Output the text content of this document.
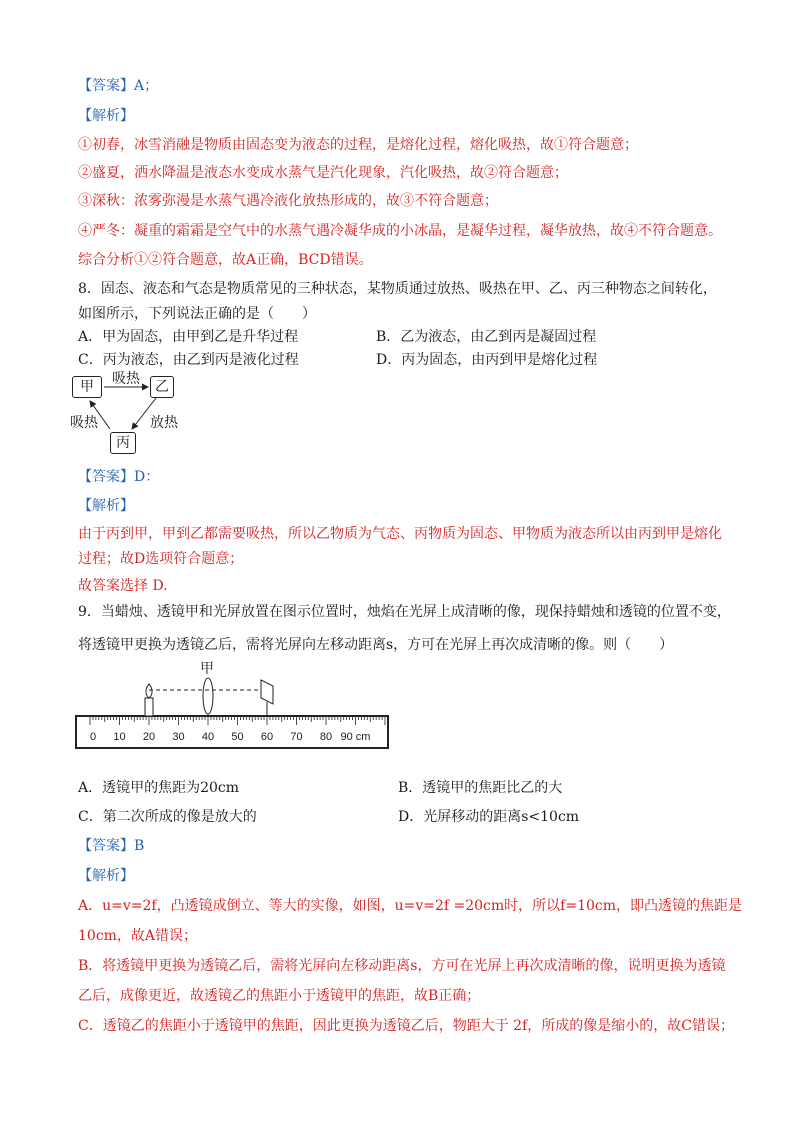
【答案】A；
【解析】
①初春，冰雪消融是物质由固态变为液态的过程，是熔化过程，熔化吸热，故①符合题意；
②盛夏，洒水降温是液态水变成水蒸气是汽化现象，汽化吸热，故②符合题意；
③深秋：浓雾弥漫是水蒸气遇冷液化放热形成的，故③不符合题意；
④严冬：凝重的霜霜是空气中的水蒸气遇冷凝华成的小冰晶，是凝华过程，凝华放热，故④不符合题意。
综合分析①②符合题意，故A正确，BCD错误。
8．固态、液态和气态是物质常见的三种状态，某物质通过放热、吸热在甲、乙、丙三种物态之间转化，
如图所示，下列说法正确的是（　　）
A．甲为固态，由甲到乙是升华过程	B．乙为液态，由乙到丙是凝固过程
C．丙为液态，由乙到丙是液化过程	D．丙为固态，由丙到甲是熔化过程
甲	乙
丙
吸热
吸热	放热
【答案】D：
【解析】
由于丙到甲，甲到乙都需要吸热，所以乙物质为气态、丙物质为固态、甲物质为液态所以由丙到甲是熔化
过程；故D选项符合题意；
故答案选择 D.
9．当蜡烛、透镜甲和光屏放置在图示位置时，烛焰在光屏上成清晰的像，现保持蜡烛和透镜的位置不变，
将透镜甲更换为透镜乙后，需将光屏向左移动距离s，方可在光屏上再次成清晰的像。则（　　）
0 10 20 30 40 50 60 70 80 90 cm
甲
A．透镜甲的焦距为20cm	B．透镜甲的焦距比乙的大
C．第二次所成的像是放大的	D．光屏移动的距离s<10cm
【答案】B
【解析】
A．u=v=2f，凸透镜成倒立、等大的实像，如图，u=v=2f =20cm时，所以f=10cm，即凸透镜的焦距是
10cm，故A错误；
B．将透镜甲更换为透镜乙后，需将光屏向左移动距离s，方可在光屏上再次成清晰的像，说明更换为透镜
乙后，成像更近，故透镜乙的焦距小于透镜甲的焦距，故B正确；
C．透镜乙的焦距小于透镜甲的焦距，因此更换为透镜乙后，物距大于 2f，所成的像是缩小的，故C错误；
